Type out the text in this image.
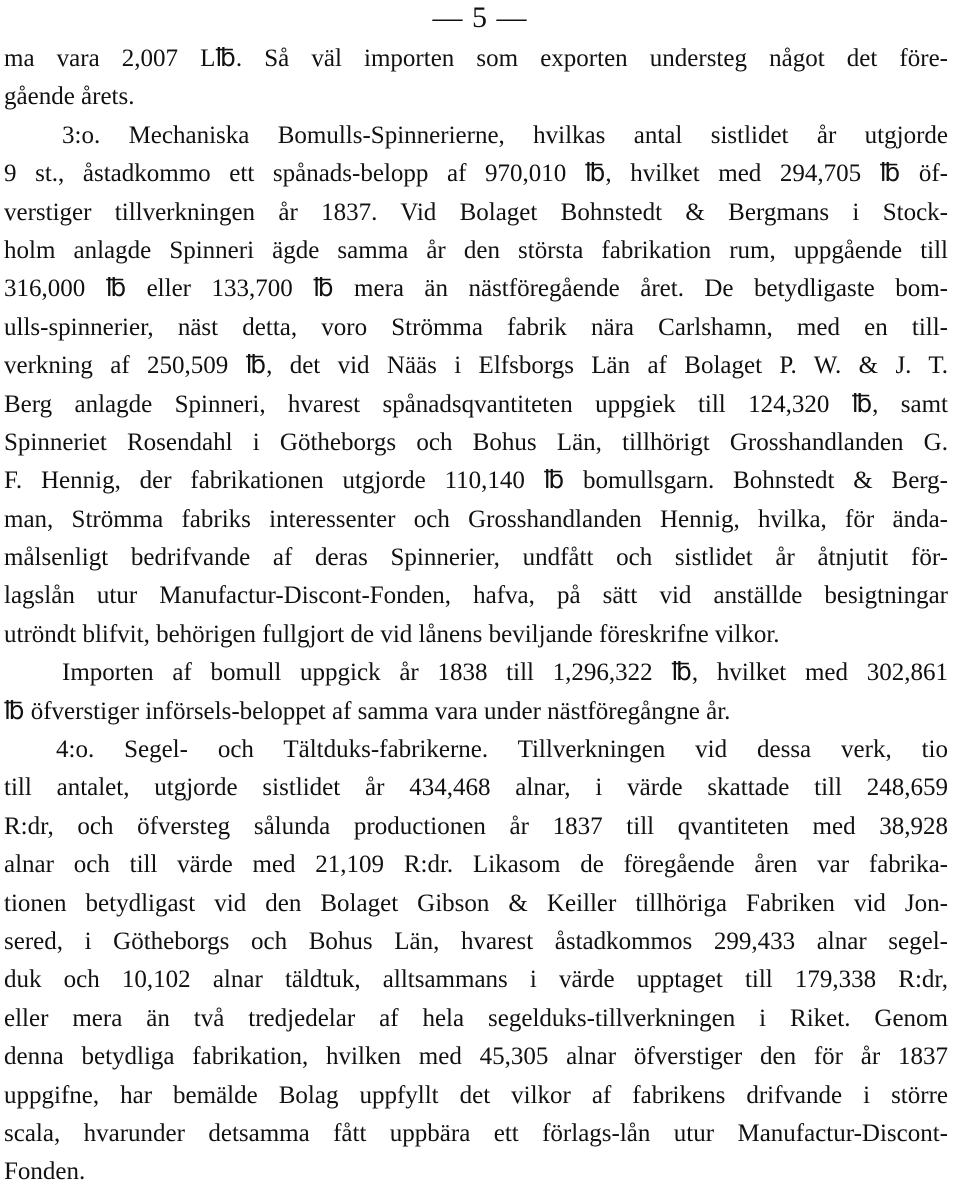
— 5 —
ma vara 2,007 L℔. Så väl importen som exporten understeg något det före-
gående årets.
3:o. Mechaniska Bomulls-Spinnerierne, hvilkas antal sistlidet år utgjorde
9 st., åstadkommo ett spånads-belopp af 970,010 ℔, hvilket med 294,705 ℔ öf-
verstiger tillverkningen år 1837. Vid Bolaget Bohnstedt & Bergmans i Stock-
holm anlagde Spinneri ägde samma år den största fabrikation rum, uppgående till
316,000 ℔ eller 133,700 ℔ mera än nästföregående året. De betydligaste bom-
ulls-spinnerier, näst detta, voro Strömma fabrik nära Carlshamn, med en till-
verkning af 250,509 ℔, det vid Nääs i Elfsborgs Län af Bolaget P. W. & J. T.
Berg anlagde Spinneri, hvarest spånadsqvantiteten uppgiek till 124,320 ℔, samt
Spinneriet Rosendahl i Götheborgs och Bohus Län, tillhörigt Grosshandlanden G.
F. Hennig, der fabrikationen utgjorde 110,140 ℔ bomullsgarn. Bohnstedt & Berg-
man, Strömma fabriks interessenter och Grosshandlanden Hennig, hvilka, för ända-
målsenligt bedrifvande af deras Spinnerier, undfått och sistlidet år åtnjutit för-
lagslån utur Manufactur-Discont-Fonden, hafva, på sätt vid anställde besigtningar
utröndt blifvit, behörigen fullgjort de vid lånens beviljande föreskrifne vilkor.
Importen af bomull uppgick år 1838 till 1,296,322 ℔, hvilket med 302,861
℔ öfverstiger införsels-beloppet af samma vara under nästföregångne år.
4:o. Segel- och Tältduks-fabrikerne. Tillverkningen vid dessa verk, tio
till antalet, utgjorde sistlidet år 434,468 alnar, i värde skattade till 248,659
R:dr, och öfversteg sålunda productionen år 1837 till qvantiteten med 38,928
alnar och till värde med 21,109 R:dr. Likasom de föregående åren var fabrika-
tionen betydligast vid den Bolaget Gibson & Keiller tillhöriga Fabriken vid Jon-
sered, i Götheborgs och Bohus Län, hvarest åstadkommos 299,433 alnar segel-
duk och 10,102 alnar täldtuk, alltsammans i värde upptaget till 179,338 R:dr,
eller mera än två tredjedelar af hela segelduks-tillverkningen i Riket. Genom
denna betydliga fabrikation, hvilken med 45,305 alnar öfverstiger den för år 1837
uppgifne, har bemälde Bolag uppfyllt det vilkor af fabrikens drifvande i större
scala, hvarunder detsamma fått uppbära ett förlags-lån utur Manufactur-Discont-
Fonden.
